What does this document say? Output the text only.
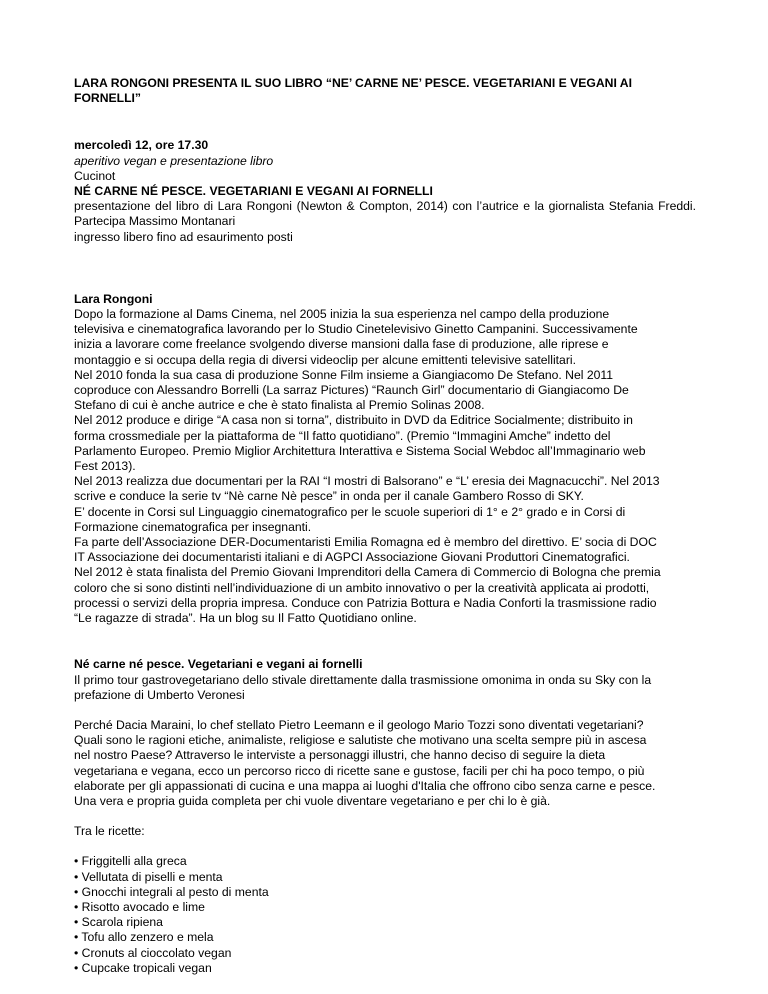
LARA RONGONI PRESENTA IL SUO LIBRO “NE’ CARNE NE’ PESCE. VEGETARIANI E VEGANI AI FORNELLI”
mercoledì 12, ore 17.30
aperitivo vegan e presentazione libro
Cucinot
NÉ CARNE NÉ PESCE. VEGETARIANI E VEGANI AI FORNELLI
presentazione del libro di Lara Rongoni (Newton & Compton, 2014) con l’autrice e la giornalista Stefania Freddi. Partecipa Massimo Montanari
ingresso libero fino ad esaurimento posti
Lara Rongoni
Dopo la formazione al Dams Cinema, nel 2005 inizia la sua esperienza nel campo della produzione
televisiva e cinematografica lavorando per lo Studio Cinetelevisivo Ginetto Campanini. Successivamente
inizia a lavorare come freelance svolgendo diverse mansioni dalla fase di produzione, alle riprese e
montaggio e si occupa della regia di diversi videoclip per alcune emittenti televisive satellitari.
Nel 2010 fonda la sua casa di produzione Sonne Film insieme a Giangiacomo De Stefano. Nel 2011
coproduce con Alessandro Borrelli (La sarraz Pictures) “Raunch Girl” documentario di Giangiacomo De
Stefano di cui è anche autrice e che è stato finalista al Premio Solinas 2008.
Nel 2012 produce e dirige “A casa non si torna”, distribuito in DVD da Editrice Socialmente; distribuito in
forma crossmediale per la piattaforma de “Il fatto quotidiano”. (Premio “Immagini Amche” indetto del
Parlamento Europeo. Premio Miglior Architettura Interattiva e Sistema Social Webdoc all’Immaginario web
Fest 2013).
Nel 2013 realizza due documentari per la RAI “I mostri di Balsorano” e “L’ eresia dei Magnacucchi”. Nel 2013
scrive e conduce la serie tv “Nè carne Nè pesce” in onda per il canale Gambero Rosso di SKY.
E’ docente in Corsi sul Linguaggio cinematografico per le scuole superiori di 1° e 2° grado e in Corsi di
Formazione cinematografica per insegnanti.
Fa parte dell’Associazione DER-Documentaristi Emilia Romagna ed è membro del direttivo. E’ socia di DOC
IT Associazione dei documentaristi italiani e di AGPCI Associazione Giovani Produttori Cinematografici.
Nel 2012 è stata finalista del Premio Giovani Imprenditori della Camera di Commercio di Bologna che premia
coloro che si sono distinti nell’individuazione di un ambito innovativo o per la creatività applicata ai prodotti,
processi o servizi della propria impresa. Conduce con Patrizia Bottura e Nadia Conforti la trasmissione radio
“Le ragazze di strada”. Ha un blog su Il Fatto Quotidiano online.
Né carne né pesce. Vegetariani e vegani ai fornelli
Il primo tour gastrovegetariano dello stivale direttamente dalla trasmissione omonima in onda su Sky con la
prefazione di Umberto Veronesi
Perché Dacia Maraini, lo chef stellato Pietro Leemann e il geologo Mario Tozzi sono diventati vegetariani?
Quali sono le ragioni etiche, animaliste, religiose e salutiste che motivano una scelta sempre più in ascesa
nel nostro Paese? Attraverso le interviste a personaggi illustri, che hanno deciso di seguire la dieta
vegetariana e vegana, ecco un percorso ricco di ricette sane e gustose, facili per chi ha poco tempo, o più
elaborate per gli appassionati di cucina e una mappa ai luoghi d'Italia che offrono cibo senza carne e pesce.
Una vera e propria guida completa per chi vuole diventare vegetariano e per chi lo è già.
Tra le ricette:
• Friggitelli alla greca
• Vellutata di piselli e menta
• Gnocchi integrali al pesto di menta
• Risotto avocado e lime
• Scarola ripiena
• Tofu allo zenzero e mela
• Cronuts al cioccolato vegan
• Cupcake tropicali vegan
